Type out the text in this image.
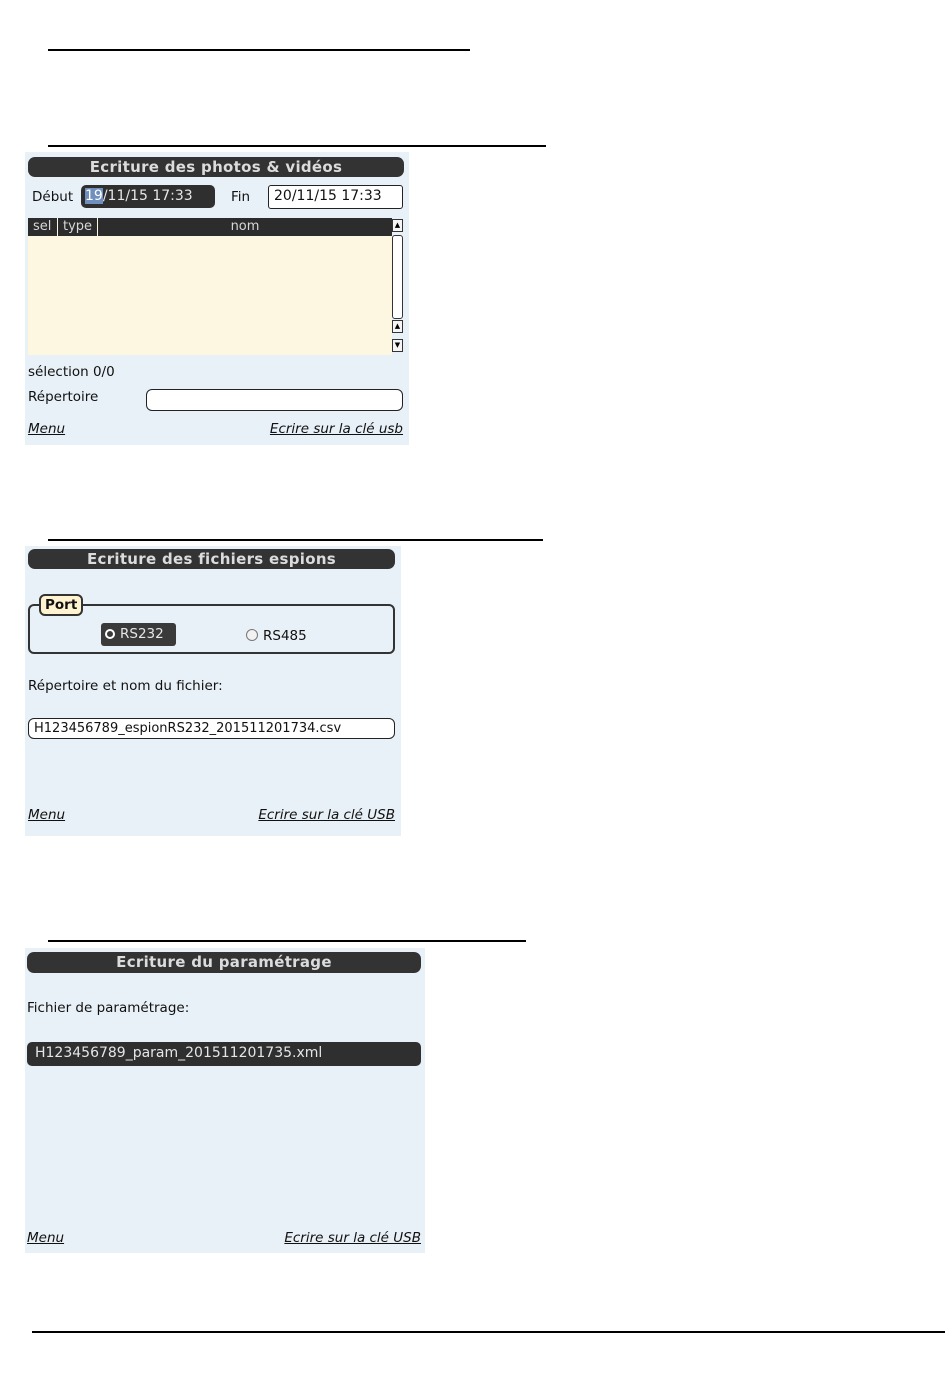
Ecriture des photos & vidéos
Début 19/11/15 17:33	Fin	20/11/15 17:33
sel type	nom	▲
▲
▼
sélection 0/0
Répertoire
Menu	Ecrire sur la clé usb
Ecriture des fichiers espions
Port
RS232	RS485
Répertoire et nom du fichier:
H123456789_espionRS232_201511201734.csv
Menu	Ecrire sur la clé USB
Ecriture du paramétrage
Fichier de paramétrage:
H123456789_param_201511201735.xml
Menu	Ecrire sur la clé USB
